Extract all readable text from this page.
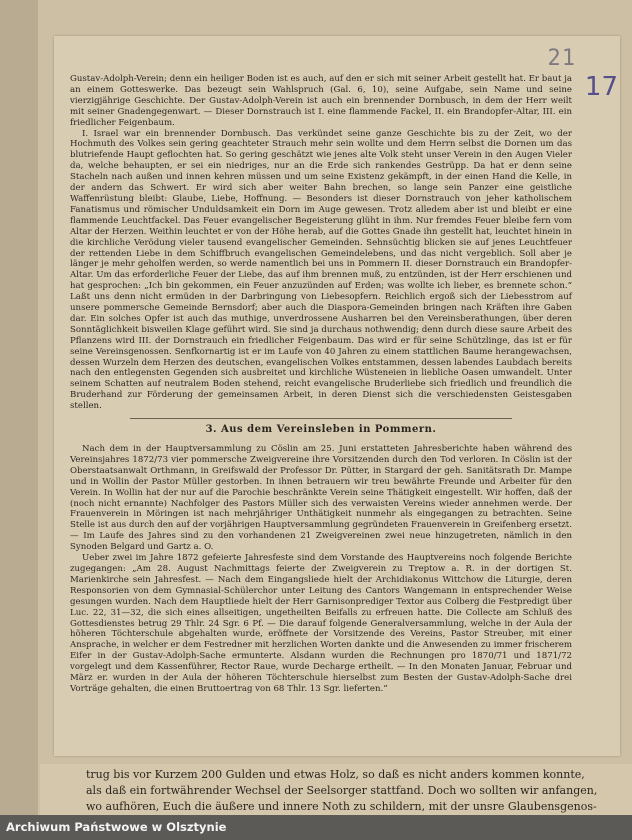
21
17

Gustav-Adolph-Verein; denn ein heiliger Boden ist es auch, auf den er sich mit seiner Arbeit gestellt hat. Er baut ja an einem Gotteswerke. Das bezeugt sein Wahlspruch (Gal. 6, 10), seine Aufgabe, sein Name und seine vierzigjährige Geschichte. Der Gustav-Adolph-Verein ist auch ein brennender Dornbusch, in dem der Herr weilt mit seiner Gnadengegenwart. — Dieser Dornstrauch ist I. eine flammende Fackel, II. ein Brandopfer-Altar, III. ein friedlicher Feigenbaum.

I. Israel war ein brennender Dornbusch. Das verkündet seine ganze Geschichte bis zu der Zeit, wo der Hochmuth des Volkes sein gering geachteter Strauch mehr sein wollte und dem Herrn selbst die Dornen um das blutriefende Haupt geflochten hat. So gering geschätzt wie jenes alte Volk steht unser Verein in den Augen Vieler da, welche behaupten, er sei ein niedriges, nur an die Erde sich rankendes Gestrüpp. Da hat er denn seine Stacheln nach außen und innen kehren müssen und um seine Existenz gekämpft, in der einen Hand die Kelle, in der andern das Schwert. Er wird sich aber weiter Bahn brechen, so lange sein Panzer eine geistliche Waffenrüstung bleibt: Glaube, Liebe, Hoffnung. — Besonders ist dieser Dornstrauch von jeher katholischem Fanatismus und römischer Unduldsamkeit ein Dorn im Auge gewesen. Trotz alledem aber ist und bleibt er eine flammende Leuchtfackel. Das Feuer evangelischer Begeisterung glüht in ihm. Nur fremdes Feuer bleibe fern vom Altar der Herzen. Weithin leuchtet er von der Höhe herab, auf die Gottes Gnade ihn gestellt hat, leuchtet hinein in die kirchliche Verödung vieler tausend evangelischer Gemeinden. Sehnsüchtig blicken sie auf jenes Leuchtfeuer der rettenden Liebe in dem Schiffbruch evangelischen Gemeindelebens, und das nicht vergeblich. Soll aber je länger je mehr geholfen werden, so werde namentlich bei uns in Pommern II. dieser Dornstrauch ein Brandopfer-Altar. Um das erforderliche Feuer der Liebe, das auf ihm brennen muß, zu entzünden, ist der Herr erschienen und hat gesprochen: „Ich bin gekommen, ein Feuer anzuzünden auf Erden; was wollte ich lieber, es brennete schon.“ Laßt uns denn nicht ermüden in der Darbringung von Liebesopfern. Reichlich ergoß sich der Liebesstrom auf unsere pommersche Gemeinde Bernsdorf; aber auch die Diaspora-Gemeinden bringen nach Kräften ihre Gaben dar. Ein solches Opfer ist auch das muthige, unverdrossene Ausharren bei den Vereinsberathungen, über deren Sonntäglichkeit bisweilen Klage geführt wird. Sie sind ja durchaus nothwendig; denn durch diese saure Arbeit des Pflanzens wird III. der Dornstrauch ein friedlicher Feigenbaum. Das wird er für seine Schützlinge, das ist er für seine Vereinsgenossen. Senfkornartig ist er im Laufe von 40 Jahren zu einem stattlichen Baume herangewachsen, dessen Wurzeln dem Herzen des deutschen, evangelischen Volkes entstammen, dessen labendes Laubdach bereits nach den entlegensten Gegenden sich ausbreitet und kirchliche Wüsteneien in liebliche Oasen umwandelt. Unter seinem Schatten auf neutralem Boden stehend, reicht evangelische Bruderliebe sich friedlich und freundlich die Bruderhand zur Förderung der gemeinsamen Arbeit, in deren Dienst sich die verschiedensten Geistesgaben stellen.

3. Aus dem Vereinsleben in Pommern.

Nach dem in der Hauptversammlung zu Cöslin am 25. Juni erstatteten Jahresberichte haben während des Vereinsjahres 1872/73 vier pommersche Zweigvereine ihre Vorsitzenden durch den Tod verloren. In Cöslin ist der Oberstaatsanwalt Orthmann, in Greifswald der Professor Dr. Pütter, in Stargard der geh. Sanitätsrath Dr. Mampe und in Wollin der Pastor Müller gestorben. In ihnen betrauern wir treu bewährte Freunde und Arbeiter für den Verein. In Wollin hat der nur auf die Parochie beschränkte Verein seine Thätigkeit eingestellt. Wir hoffen, daß der (noch nicht ernannte) Nachfolger des Pastors Müller sich des verwaisten Vereins wieder annehmen werde. Der Frauenverein in Möringen ist nach mehrjähriger Unthätigkeit nunmehr als eingegangen zu betrachten. Seine Stelle ist aus durch den auf der vorjährigen Hauptversammlung gegründeten Frauenverein in Greifenberg ersetzt. — Im Laufe des Jahres sind zu den vorhandenen 21 Zweigvereinen zwei neue hinzugetreten, nämlich in den Synoden Belgard und Gartz a. O.

Ueber zwei im Jahre 1872 gefeierte Jahresfeste sind dem Vorstande des Hauptvereins noch folgende Berichte zugegangen: „Am 28. August Nachmittags feierte der Zweigverein zu Treptow a. R. in der dortigen St. Marienkirche sein Jahresfest. — Nach dem Eingangsliede hielt der Archidiakonus Wittchow die Liturgie, deren Responsorien von dem Gymnasial-Schülerchor unter Leitung des Cantors Wangemann in entsprechender Weise gesungen wurden. Nach dem Hauptliede hielt der Herr Garnisonprediger Textor aus Colberg die Festpredigt über Luc. 22, 31—32, die sich eines allseitigen, ungetheilten Beifalls zu erfreuen hatte. Die Collecte am Schluß des Gottesdienstes betrug 29 Thlr. 24 Sgr. 6 Pf. — Die darauf folgende Generalversammlung, welche in der Aula der höheren Töchterschule abgehalten wurde, eröffnete der Vorsitzende des Vereins, Pastor Streuber, mit einer Ansprache, in welcher er dem Festredner mit herzlichen Worten dankte und die Anwesenden zu immer frischerem Eifer in der Gustav-Adolph-Sache ermunterte. Alsdann wurden die Rechnungen pro 1870/71 und 1871/72 vorgelegt und dem Kassenführer, Rector Raue, wurde Decharge ertheilt. — In den Monaten Januar, Februar und März er. wurden in der Aula der höheren Töchterschule hierselbst zum Besten der Gustav-Adolph-Sache drei Vorträge gehalten, die einen Bruttoertrag von 68 Thlr. 13 Sgr. lieferten.“

trug bis vor Kurzem 200 Gulden und etwas Holz, so daß es nicht anders kommen konnte,
als daß ein fortwährender Wechsel der Seelsorger stattfand. Doch wo sollten wir anfangen,
wo aufhören, Euch die äußere und innere Noth zu schildern, mit der unsre Glaubensgenos-
Archiwum Państwowe w Olsztynie
